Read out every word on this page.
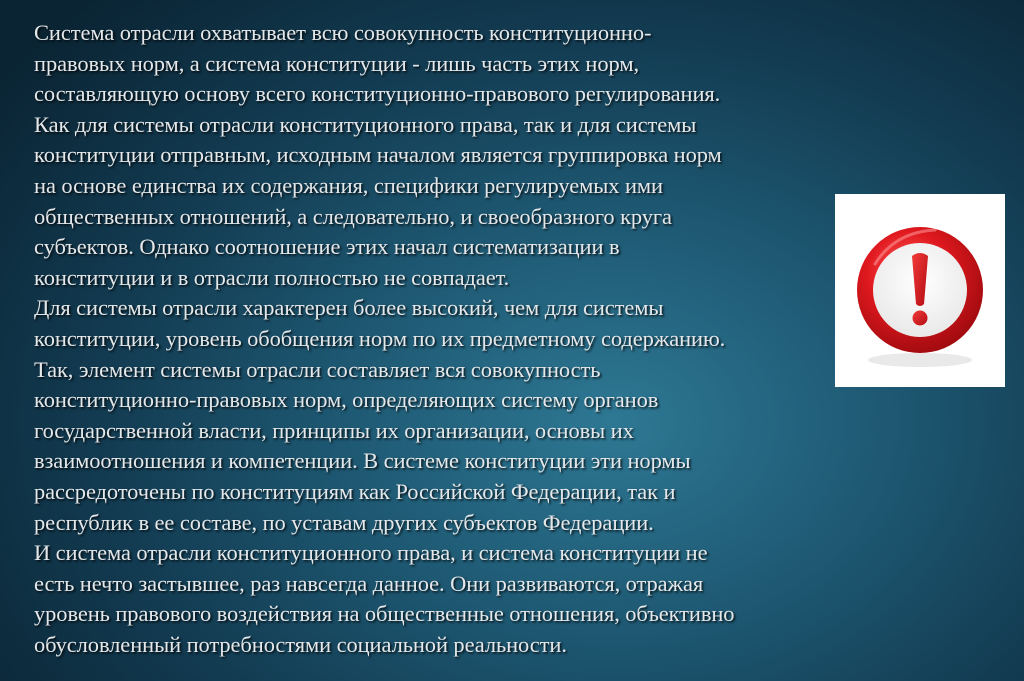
Система отрасли охватывает всю совокупность конституционно-
правовых норм, а система конституции - лишь часть этих норм,
составляющую основу всего конституционно-правового регулирования.
Как для системы отрасли конституционного права, так и для системы
конституции отправным, исходным началом является группировка норм
на основе единства их содержания, специфики регулируемых ими
общественных отношений, а следовательно, и своеобразного круга
субъектов. Однако соотношение этих начал систематизации в
конституции и в отрасли полностью не совпадает.
Для системы отрасли характерен более высокий, чем для системы
конституции, уровень обобщения норм по их предметному содержанию.
Так, элемент системы отрасли составляет вся совокупность
конституционно-правовых норм, определяющих систему органов
государственной власти, принципы их организации, основы их
взаимоотношения и компетенции. В системе конституции эти нормы
рассредоточены по конституциям как Российской Федерации, так и
республик в ее составе, по уставам других субъектов Федерации.
И система отрасли конституционного права, и система конституции не
есть нечто застывшее, раз навсегда данное. Они развиваются, отражая
уровень правового воздействия на общественные отношения, объективно
обусловленный потребностями социальной реальности.
